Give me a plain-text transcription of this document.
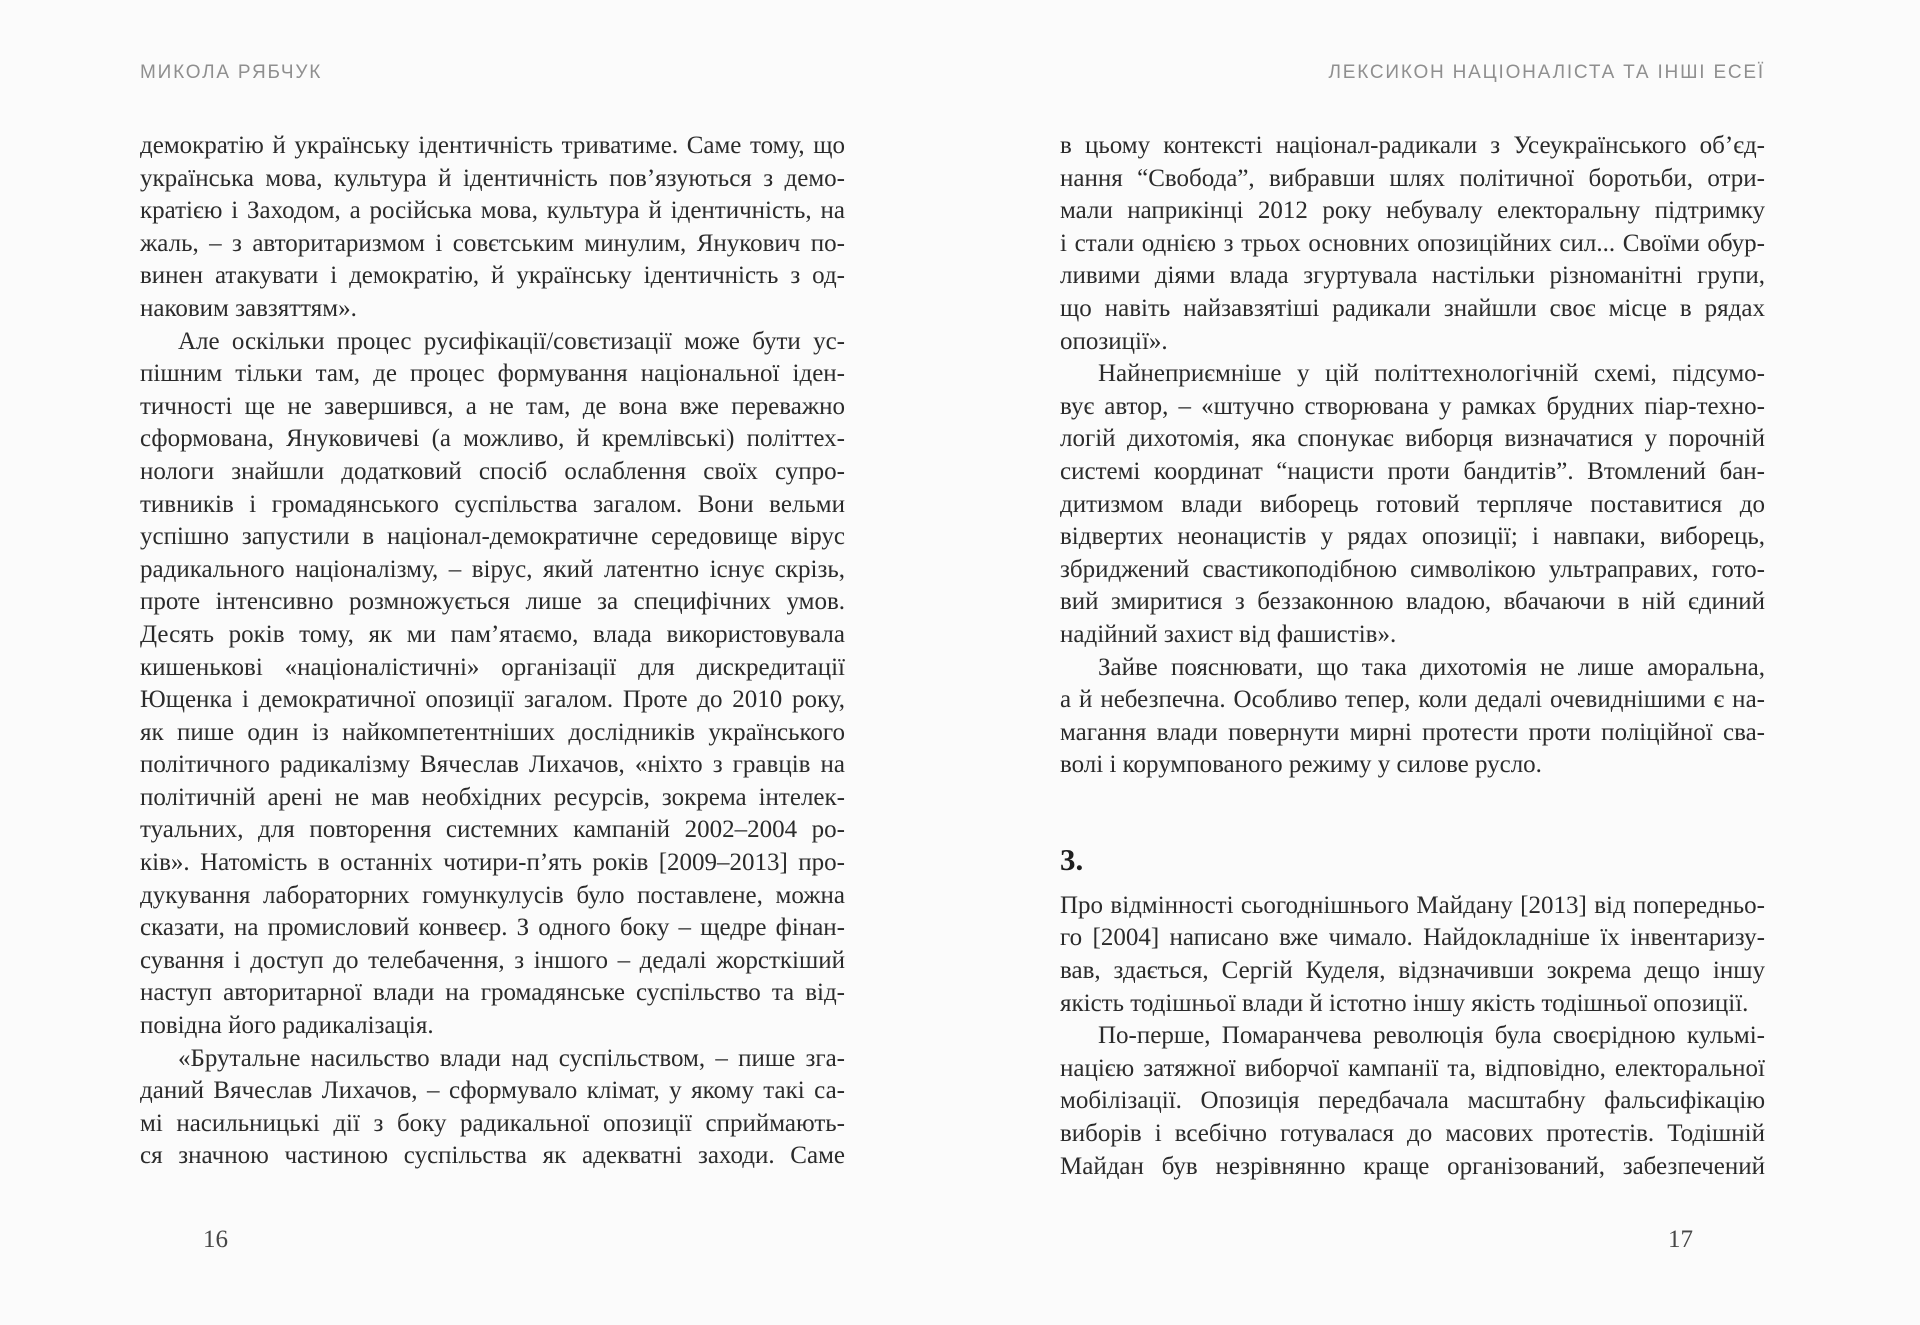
МИКОЛА РЯБЧУК
демократію й українську ідентичність триватиме. Саме тому, що
українська мова, культура й ідентичність пов’язуються з демо-
кратією і Заходом, а російська мова, культура й ідентичність, на
жаль, – з авторитаризмом і совєтським минулим, Янукович по-
винен атакувати і демократію, й українську ідентичність з од-
наковим завзяттям».
Але оскільки процес русифікації/совєтизації може бути ус-
пішним тільки там, де процес формування національної іден-
тичності ще не завершився, а не там, де вона вже переважно
сформована, Януковичеві (а можливо, й кремлівські) політтех-
нологи знайшли додатковий спосіб ослаблення своїх супро-
тивників і громадянського суспільства загалом. Вони вельми
успішно запустили в націонал-демократичне середовище вірус
радикального націоналізму, – вірус, який латентно існує скрізь,
проте інтенсивно розмножується лише за специфічних умов.
Десять років тому, як ми пам’ятаємо, влада використовувала
кишенькові «націоналістичні» організації для дискредитації
Ющенка і демократичної опозиції загалом. Проте до 2010 року,
як пише один із найкомпетентніших дослідників українського
політичного радикалізму Вячеслав Лихачов, «ніхто з гравців на
політичній арені не мав необхідних ресурсів, зокрема інтелек-
туальних, для повторення системних кампаній 2002–2004 ро-
ків». Натомість в останніх чотири-п’ять років [2009–2013] про-
дукування лабораторних гомункулусів було поставлене, можна
сказати, на промисловий конвеєр. З одного боку – щедре фінан-
сування і доступ до телебачення, з іншого – дедалі жорсткіший
наступ авторитарної влади на громадянське суспільство та від-
повідна його радикалізація.
«Брутальне насильство влади над суспільством, – пише зга-
даний Вячеслав Лихачов, – сформувало клімат, у якому такі са-
мі насильницькі дії з боку радикальної опозиції сприймають-
ся значною частиною суспільства як адекватні заходи. Саме
16
ЛЕКСИКОН НАЦІОНАЛІСТА ТА ІНШІ ЕСЕЇ
в цьому контексті націонал-радикали з Усеукраїнського об’єд-
нання “Свобода”, вибравши шлях політичної боротьби, отри-
мали наприкінці 2012 року небувалу електоральну підтримку
і стали однією з трьох основних опозиційних сил... Своїми обур-
ливими діями влада згуртувала настільки різноманітні групи,
що навіть найзавзятіші радикали знайшли своє місце в рядах
опозиції».
Найнеприємніше у цій політтехнологічній схемі, підсумо-
вує автор, – «штучно створювана у рамках брудних піар-техно-
логій дихотомія, яка спонукає виборця визначатися у порочній
системі координат “нацисти проти бандитів”. Втомлений бан-
дитизмом влади виборець готовий терпляче поставитися до
відвертих неонацистів у рядах опозиції; і навпаки, виборець,
збриджений свастикоподібною символікою ультраправих, гото-
вий змиритися з беззаконною владою, вбачаючи в ній єдиний
надійний захист від фашистів».
Зайве пояснювати, що така дихотомія не лише аморальна,
а й небезпечна. Особливо тепер, коли дедалі очевиднішими є на-
магання влади повернути мирні протести проти поліційної сва-
волі і корумпованого режиму у силове русло.
3.
Про відмінності сьогоднішнього Майдану [2013] від попередньо-
го [2004] написано вже чимало. Найдокладніше їх інвентаризу-
вав, здається, Сергій Куделя, відзначивши зокрема дещо іншу
якість тодішньої влади й істотно іншу якість тодішньої опозиції.
По-перше, Помаранчева революція була своєрідною кульмі-
нацією затяжної виборчої кампанії та, відповідно, електоральної
мобілізації. Опозиція передбачала масштабну фальсифікацію
виборів і всебічно готувалася до масових протестів. Тодішній
Майдан був незрівнянно краще організований, забезпечений
17
